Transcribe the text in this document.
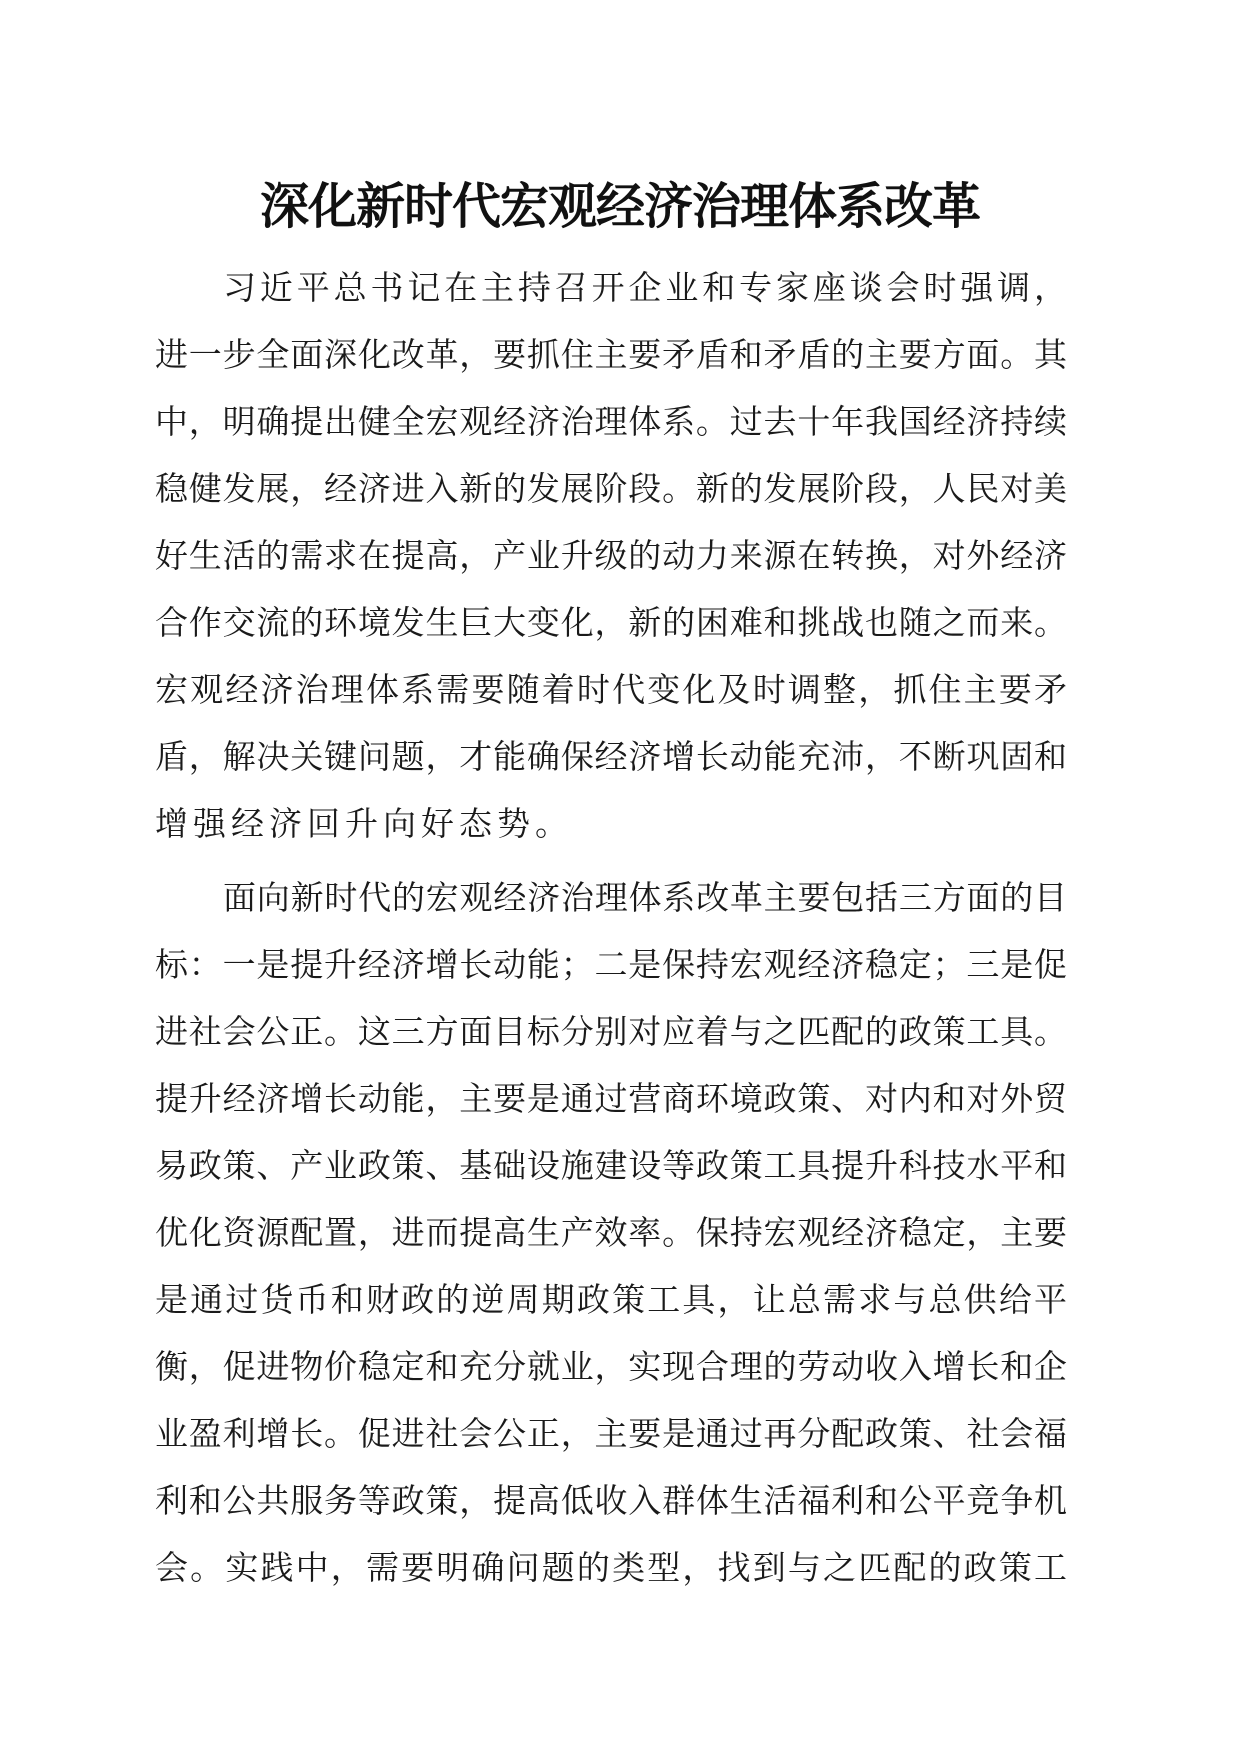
深化新时代宏观经济治理体系改革
习近平总书记在主持召开企业和专家座谈会时强调，
进一步全面深化改革，要抓住主要矛盾和矛盾的主要方面。其
中，明确提出健全宏观经济治理体系。过去十年我国经济持续
稳健发展，经济进入新的发展阶段。新的发展阶段，人民对美
好生活的需求在提高，产业升级的动力来源在转换，对外经济
合作交流的环境发生巨大变化，新的困难和挑战也随之而来。
宏观经济治理体系需要随着时代变化及时调整，抓住主要矛
盾，解决关键问题，才能确保经济增长动能充沛，不断巩固和
增强经济回升向好态势。
面向新时代的宏观经济治理体系改革主要包括三方面的目
标：一是提升经济增长动能；二是保持宏观经济稳定；三是促
进社会公正。这三方面目标分别对应着与之匹配的政策工具。
提升经济增长动能，主要是通过营商环境政策、对内和对外贸
易政策、产业政策、基础设施建设等政策工具提升科技水平和
优化资源配置，进而提高生产效率。保持宏观经济稳定，主要
是通过货币和财政的逆周期政策工具，让总需求与总供给平
衡，促进物价稳定和充分就业，实现合理的劳动收入增长和企
业盈利增长。促进社会公正，主要是通过再分配政策、社会福
利和公共服务等政策，提高低收入群体生活福利和公平竞争机
会。实践中，需要明确问题的类型，找到与之匹配的政策工
